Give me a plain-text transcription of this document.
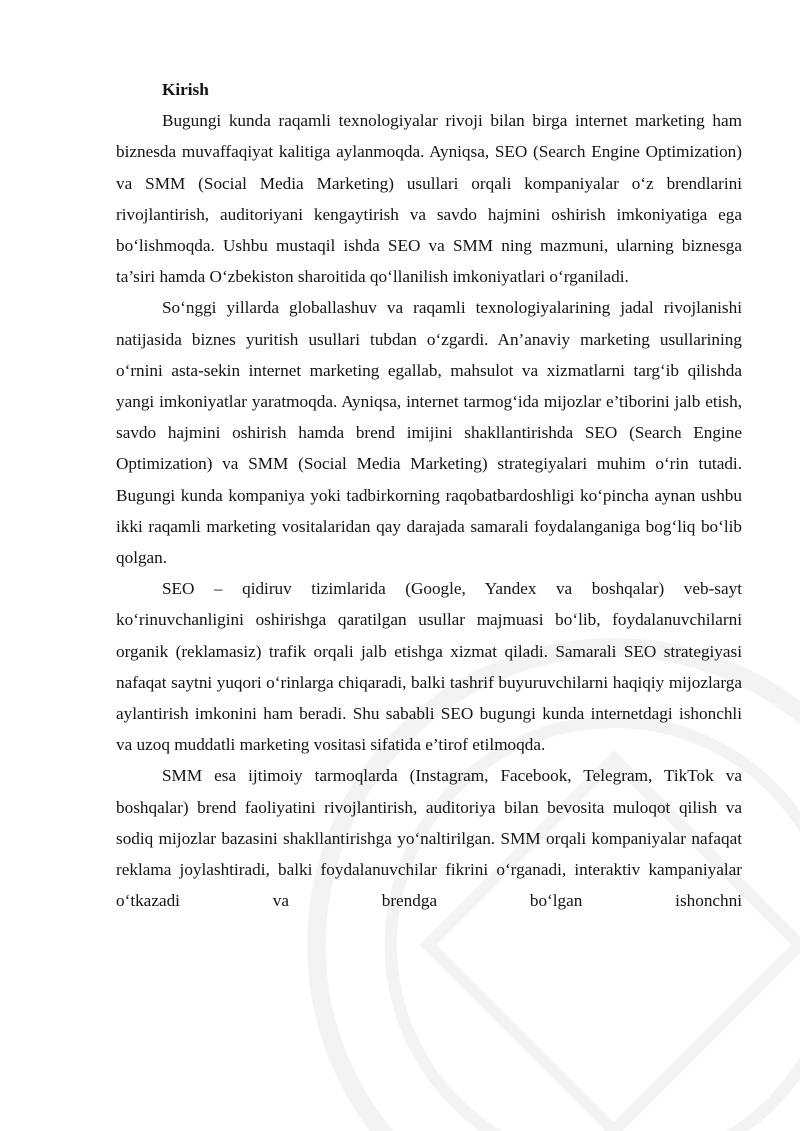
Kirish

Bugungi kunda raqamli texnologiyalar rivoji bilan birga internet marketing ham biznesda muvaffaqiyat kalitiga aylanmoqda. Ayniqsa, SEO (Search Engine Optimization) va SMM (Social Media Marketing) usullari orqali kompaniyalar o‘z brendlarini rivojlantirish, auditoriyani kengaytirish va savdo hajmini oshirish imkoniyatiga ega bo‘lishmoqda. Ushbu mustaqil ishda SEO va SMM ning mazmuni, ularning biznesga ta’siri hamda O‘zbekiston sharoitida qo‘llanilish imkoniyatlari o‘rganiladi.

So‘nggi yillarda globallashuv va raqamli texnologiyalarining jadal rivojlanishi natijasida biznes yuritish usullari tubdan o‘zgardi. An’anaviy marketing usullarining o‘rnini asta-sekin internet marketing egallab, mahsulot va xizmatlarni targ‘ib qilishda yangi imkoniyatlar yaratmoqda. Ayniqsa, internet tarmog‘ida mijozlar e’tiborini jalb etish, savdo hajmini oshirish hamda brend imijini shakllantirishda SEO (Search Engine Optimization) va SMM (Social Media Marketing) strategiyalari muhim o‘rin tutadi. Bugungi kunda kompaniya yoki tadbirkorning raqobatbardoshligi ko‘pincha aynan ushbu ikki raqamli marketing vositalaridan qay darajada samarali foydalanganiga bog‘liq bo‘lib qolgan.

SEO – qidiruv tizimlarida (Google, Yandex va boshqalar) veb-sayt ko‘rinuvchanligini oshirishga qaratilgan usullar majmuasi bo‘lib, foydalanuvchilarni organik (reklamasiz) trafik orqali jalb etishga xizmat qiladi. Samarali SEO strategiyasi nafaqat saytni yuqori o‘rinlarga chiqaradi, balki tashrif buyuruvchilarni haqiqiy mijozlarga aylantirish imkonini ham beradi. Shu sababli SEO bugungi kunda internetdagi ishonchli va uzoq muddatli marketing vositasi sifatida e’tirof etilmoqda.

SMM esa ijtimoiy tarmoqlarda (Instagram, Facebook, Telegram, TikTok va boshqalar) brend faoliyatini rivojlantirish, auditoriya bilan bevosita muloqot qilish va sodiq mijozlar bazasini shakllantirishga yo‘naltirilgan. SMM orqali kompaniyalar nafaqat reklama joylashtiradi, balki foydalanuvchilar fikrini o‘rganadi, interaktiv kampaniyalar o‘tkazadi va brendga bo‘lgan ishonchni
